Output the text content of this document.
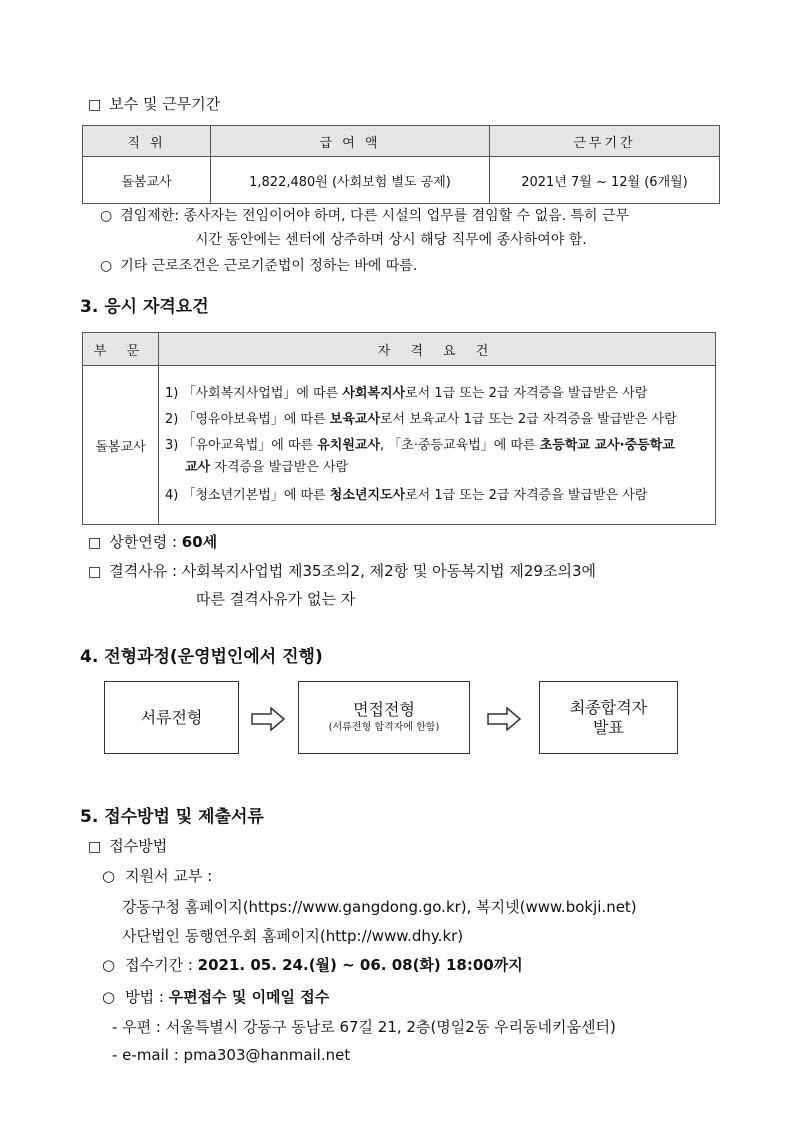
□ 보수 및 근무기간
직 위	급 여 액	근무기간
돌봄교사	1,822,480원 (사회보험 별도 공제)	2021년 7월 ~ 12월 (6개월)
○ 겸임제한: 종사자는 전임이어야 하며, 다른 시설의 업무를 겸임할 수 없음. 특히 근무
시간 동안에는 센터에 상주하며 상시 해당 직무에 종사하여야 함.
○ 기타 근로조건은 근로기준법이 정하는 바에 따름.
3. 응시 자격요건
부 문	자 격 요 건
돌봄교사	1) 「사회복지사업법」에 따른 사회복지사로서 1급 또는 2급 자격증을 발급받은 사람
2) 「영유아보육법」에 따른 보육교사로서 보육교사 1급 또는 2급 자격증을 발급받은 사람
3) 「유아교육법」에 따른 유치원교사, 「초·중등교육법」에 따른 초등학교 교사·중등학교
교사 자격증을 발급받은 사람
4) 「청소년기본법」에 따른 청소년지도사로서 1급 또는 2급 자격증을 발급받은 사람
□ 상한연령 : 60세
□ 결격사유 : 사회복지사업법 제35조의2, 제2항 및 아동복지법 제29조의3에
따른 결격사유가 없는 자
4. 전형과정(운영법인에서 진행)
서류전형	면접전형
(서류전형 합격자에 한함)
최종합격자
발표
5. 접수방법 및 제출서류
□ 접수방법
○ 지원서 교부 :
강동구청 홈페이지(https://www.gangdong.go.kr), 복지넷(www.bokji.net)
사단법인 동행연우회 홈페이지(http://www.dhy.kr)
○ 접수기간 : 2021. 05. 24.(월) ~ 06. 08(화) 18:00까지
○ 방법 : 우편접수 및 이메일 접수
- 우편 : 서울특별시 강동구 동남로 67길 21, 2층(명일2동 우리동네키움센터)
- e-mail : pma303@hanmail.net
